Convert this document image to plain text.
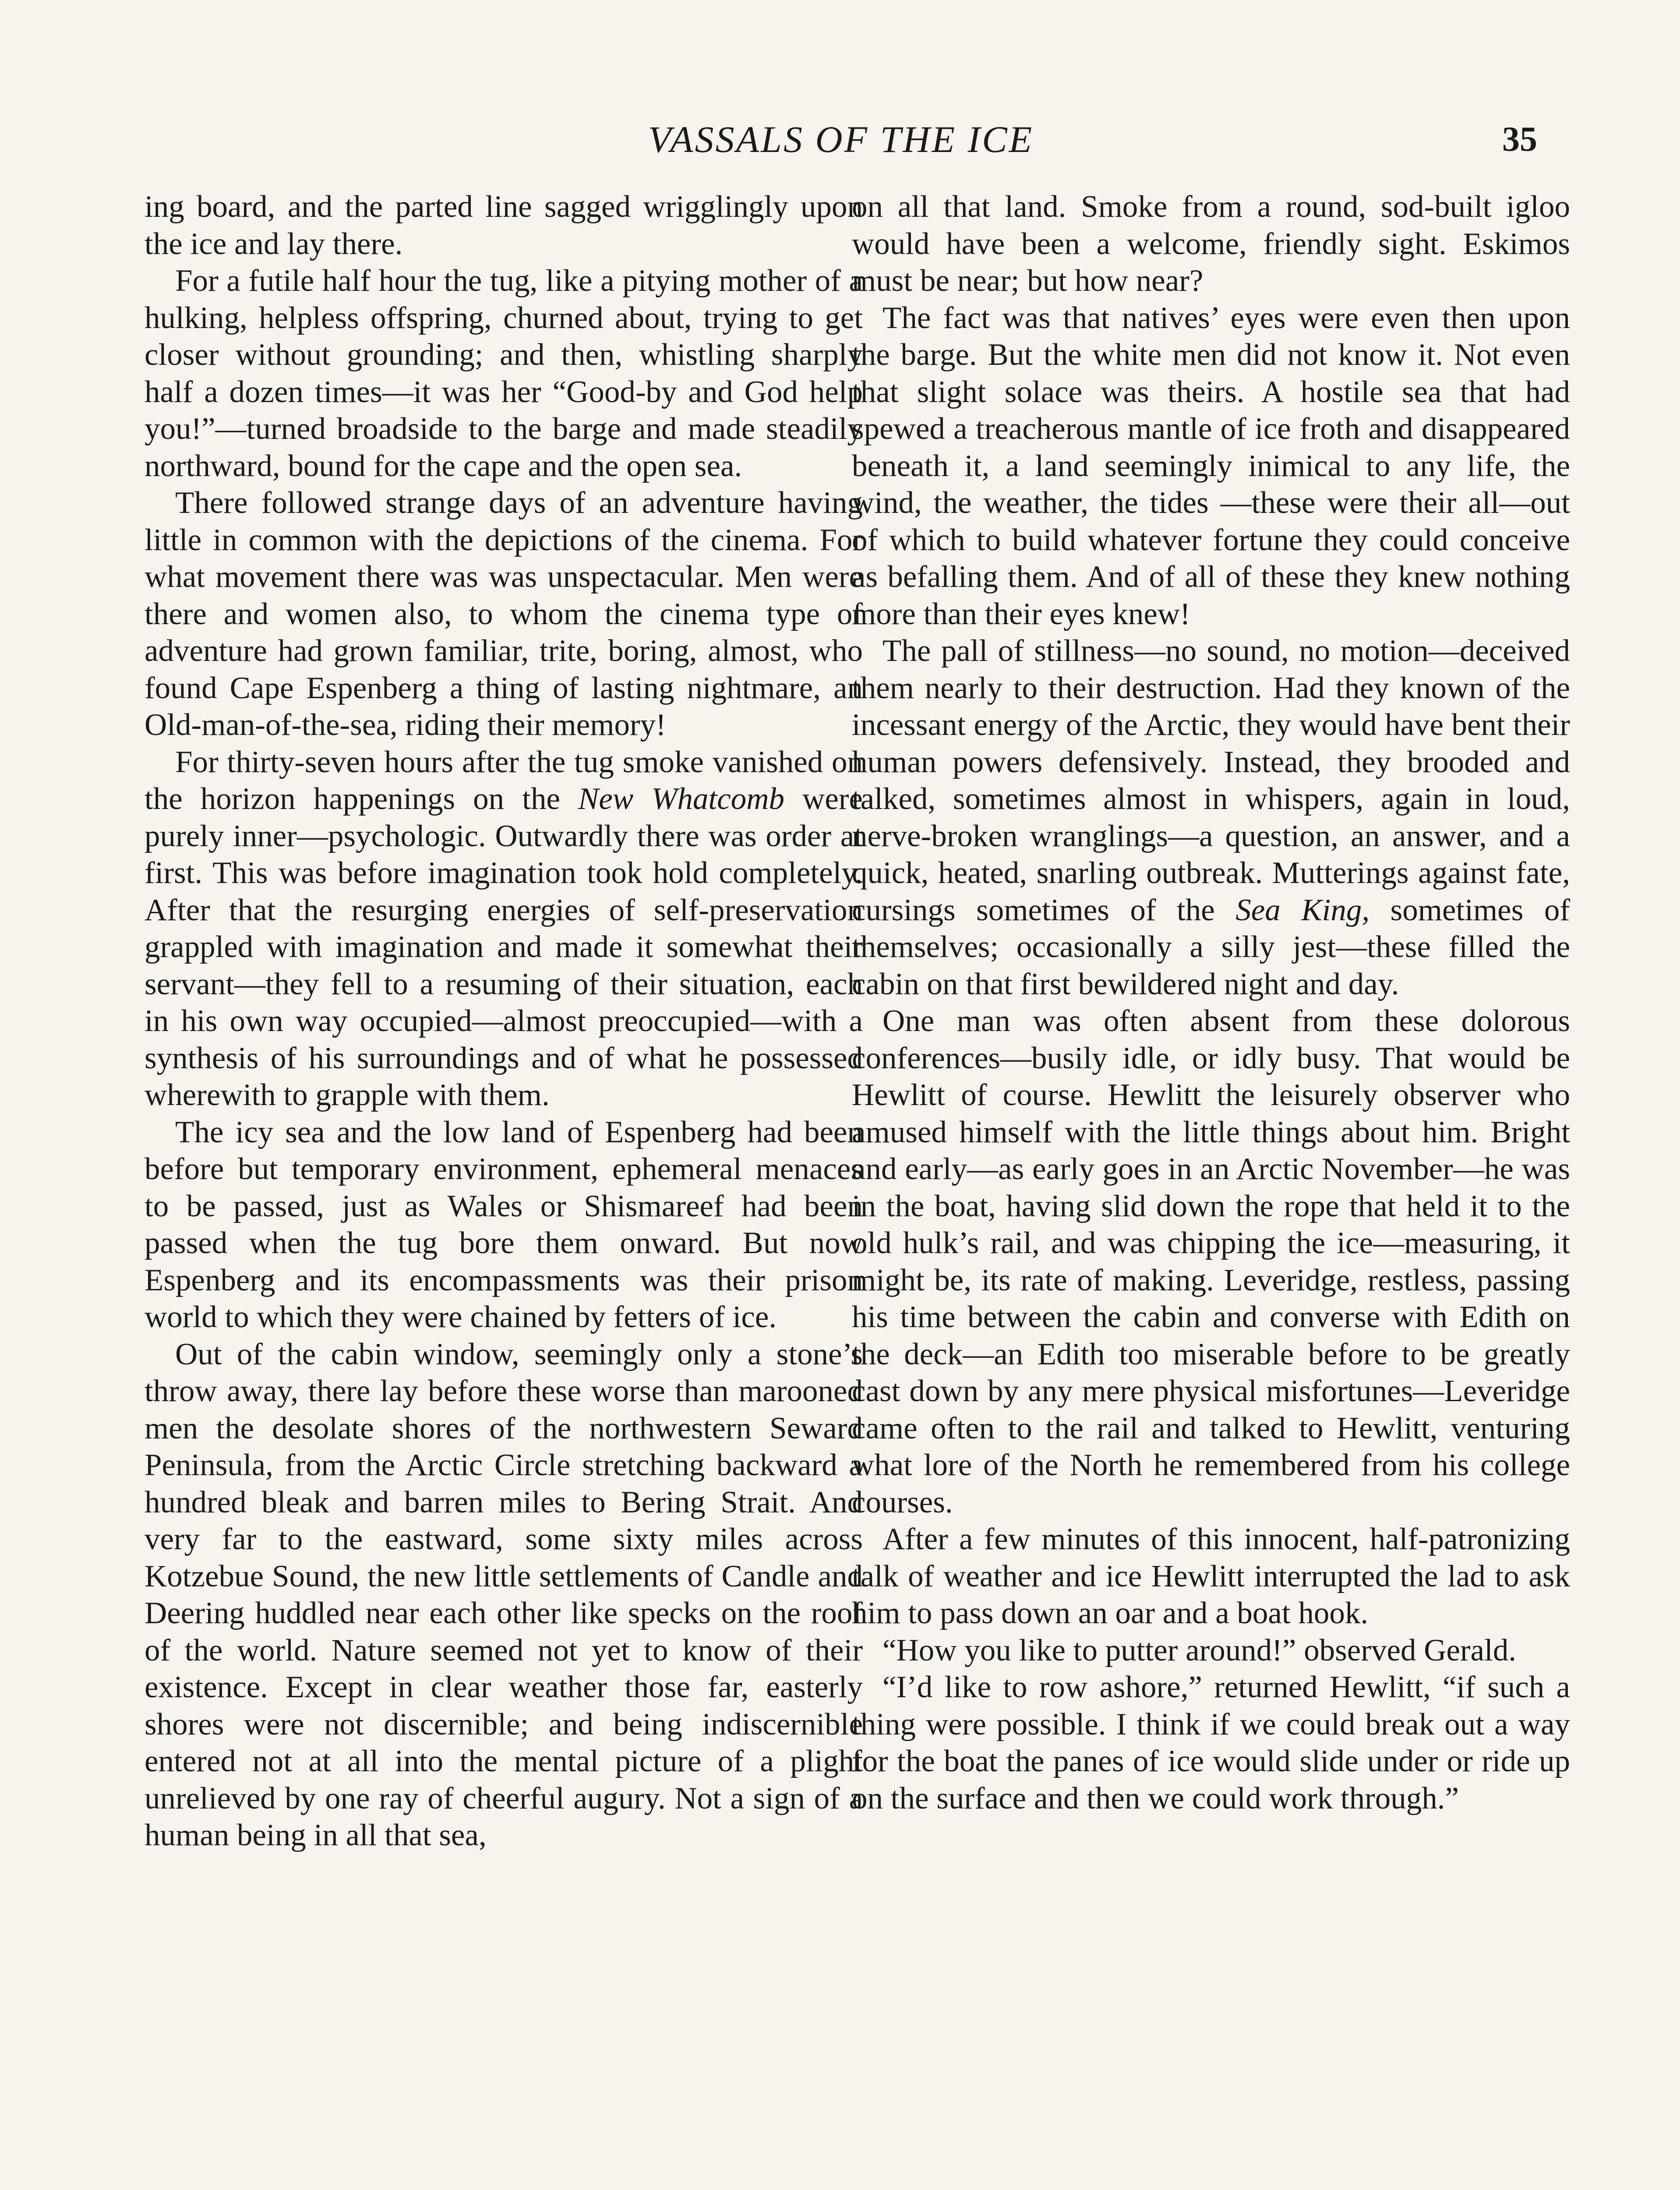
VASSALS OF THE ICE	35

ing board, and the parted line sagged wrigglingly upon the ice and lay there.

For a futile half hour the tug, like a pitying mother of a hulking, helpless offspring, churned about, trying to get closer without grounding; and then, whistling sharply half a dozen times—it was her “Good-by and God help you!”—turned broadside to the barge and made steadily northward, bound for the cape and the open sea.

There followed strange days of an adventure having little in common with the depictions of the cinema. For what movement there was was unspectacular. Men were there and women also, to whom the cinema type of adventure had grown familiar, trite, boring, almost, who found Cape Espenberg a thing of lasting nightmare, an Old-man-of-the-sea, riding their memory!

For thirty-seven hours after the tug smoke vanished on the horizon happenings on the New Whatcomb were purely inner—psychologic. Outwardly there was order at first. This was before imagination took hold completely. After that the resurging energies of self-preservation grappled with imagination and made it somewhat their servant—they fell to a resuming of their situation, each in his own way occupied—almost preoccupied—with a synthesis of his surroundings and of what he possessed wherewith to grapple with them.

The icy sea and the low land of Espenberg had been before but temporary environment, ephemeral menaces to be passed, just as Wales or Shismareef had been passed when the tug bore them onward. But now Espenberg and its encompassments was their prison world to which they were chained by fetters of ice.

Out of the cabin window, seemingly only a stone’s throw away, there lay before these worse than marooned men the desolate shores of the northwestern Seward Peninsula, from the Arctic Circle stretching backward a hundred bleak and barren miles to Bering Strait. And very far to the eastward, some sixty miles across Kotzebue Sound, the new little settlements of Candle and Deering huddled near each other like specks on the roof of the world. Nature seemed not yet to know of their existence. Except in clear weather those far, easterly shores were not discernible; and being indiscernible entered not at all into the mental picture of a plight unrelieved by one ray of cheerful augury. Not a sign of a human being in all that sea,

on all that land. Smoke from a round, sod-built igloo would have been a welcome, friendly sight. Eskimos must be near; but how near?

The fact was that natives’ eyes were even then upon the barge. But the white men did not know it. Not even that slight solace was theirs. A hostile sea that had spewed a treacherous mantle of ice froth and disappeared beneath it, a land seemingly inimical to any life, the wind, the weather, the tides —these were their all—out of which to build whatever fortune they could conceive as befalling them. And of all of these they knew nothing more than their eyes knew!

The pall of stillness—no sound, no motion—deceived them nearly to their destruction. Had they known of the incessant energy of the Arctic, they would have bent their human powers defensively. Instead, they brooded and talked, sometimes almost in whispers, again in loud, nerve-broken wranglings—a question, an answer, and a quick, heated, snarling outbreak. Mutterings against fate, cursings sometimes of the Sea King, sometimes of themselves; occasionally a silly jest—these filled the cabin on that first bewildered night and day.

One man was often absent from these dolorous conferences—busily idle, or idly busy. That would be Hewlitt of course. Hewlitt the leisurely observer who amused himself with the little things about him. Bright and early—as early goes in an Arctic November—he was in the boat, having slid down the rope that held it to the old hulk’s rail, and was chipping the ice—measuring, it might be, its rate of making. Leveridge, restless, passing his time between the cabin and converse with Edith on the deck—an Edith too miserable before to be greatly cast down by any mere physical misfortunes—Leveridge came often to the rail and talked to Hewlitt, venturing what lore of the North he remembered from his college courses.

After a few minutes of this innocent, half-patronizing talk of weather and ice Hewlitt interrupted the lad to ask him to pass down an oar and a boat hook.

“How you like to putter around!” observed Gerald.

“I’d like to row ashore,” returned Hewlitt, “if such a thing were possible. I think if we could break out a way for the boat the panes of ice would slide under or ride up on the surface and then we could work through.”
